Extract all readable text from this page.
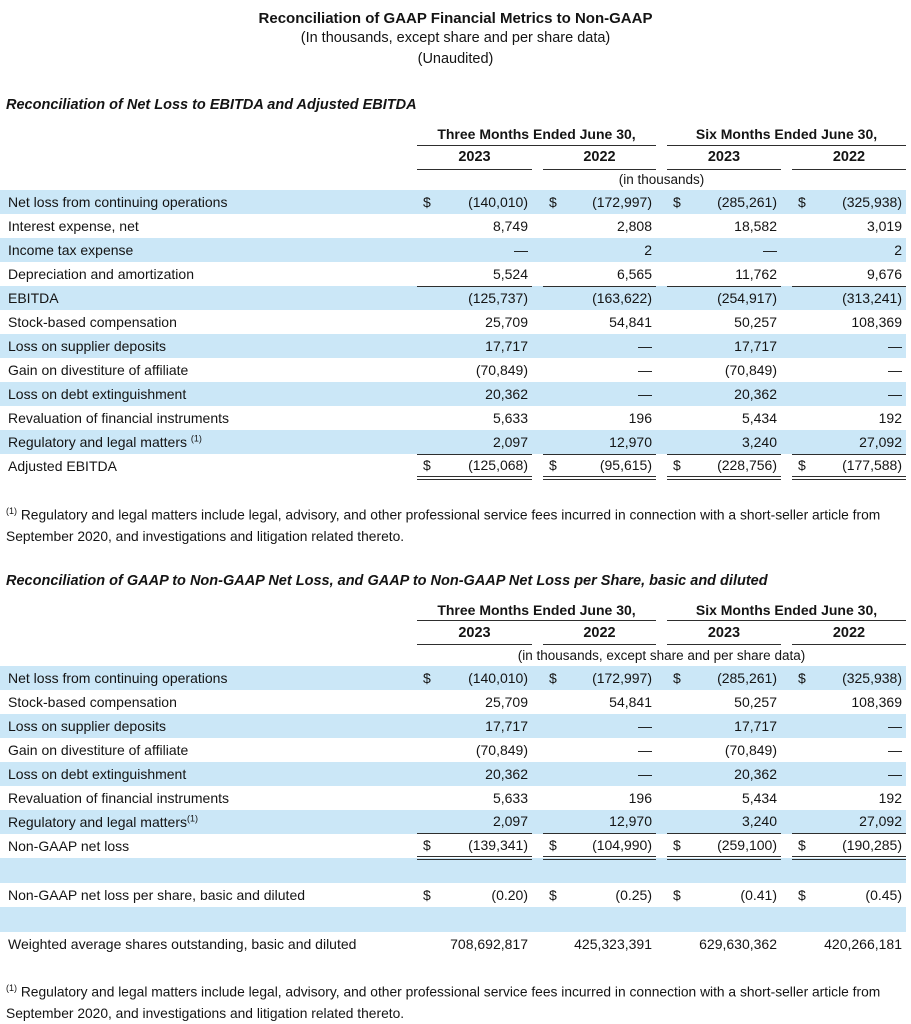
Reconciliation of GAAP Financial Metrics to Non-GAAP

(In thousands, except share and per share data)

(Unaudited)

Reconciliation of Net Loss to EBITDA and Adjusted EBITDA

	Three Months Ended June 30,				Six Months Ended June 30,		
	2023		2022		2023		2022
	(in thousands)						
Net loss from continuing operations	$ (140,010)		$ (172,997)		$ (285,261)		$ (325,938)

Interest expense, net	8,749		2,808		18,582		3,019

Income tax expense	—		2		—		2

Depreciation and amortization	5,524		6,565		11,762		9,676

EBITDA	(125,737)		(163,622)		(254,917)		(313,241)

Stock-based compensation	25,709		54,841		50,257		108,369

Loss on supplier deposits	17,717		—		17,717		—

Gain on divestiture of affiliate	(70,849)		—		(70,849)		—

Loss on debt extinguishment	20,362		—		20,362		—

Revaluation of financial instruments	5,633		196		5,434		192

Regulatory and legal matters $^{(1)}$	2,097		12,970		3,240		27,092

Adjusted EBITDA	$ (125,068)		$ (95,615)		$ (228,756)		$ (177,588)

$^{(1)}$ Regulatory and legal matters include legal, advisory, and other professional service fees incurred in connection with a short-seller article from September 2020, and investigations and litigation related thereto.

Reconciliation of GAAP to Non-GAAP Net Loss, and GAAP to Non-GAAP Net Loss per Share, basic and diluted

	Three Months Ended June 30,				Six Months Ended June 30,		
	2023		2022		2023		2022
	(in thousands, except share and per share data)						
Net loss from continuing operations	$ (140,010)		$ (172,997)		$ (285,261)		$ (325,938)

Stock-based compensation	25,709		54,841		50,257		108,369

Loss on supplier deposits	17,717		—		17,717		—

Gain on divestiture of affiliate	(70,849)		—		(70,849)		—

Loss on debt extinguishment	20,362		—		20,362		—

Revaluation of financial instruments	5,633		196		5,434		192

Regulatory and legal matters$^{(1)}$	2,097		12,970		3,240		27,092

Non-GAAP net loss	$ (139,341)		$ (104,990)		$ (259,100)		$ (190,285)

Non-GAAP net loss per share, basic and diluted	$ (0.20)		$ (0.25)		$ (0.41)		$ (0.45)

Weighted average shares outstanding, basic and diluted	708,692,817		425,323,391		629,630,362		420,266,181

$^{(1)}$ Regulatory and legal matters include legal, advisory, and other professional service fees incurred in connection with a short-seller article from September 2020, and investigations and litigation related thereto.
